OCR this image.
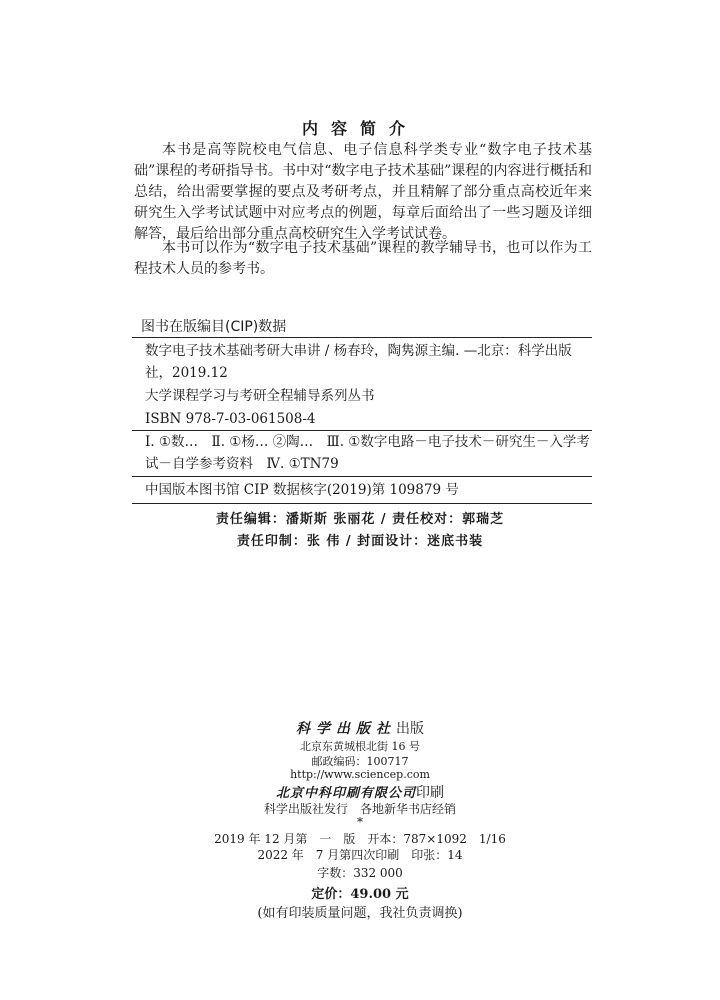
内容简介

本书是高等院校电气信息、电子信息科学类专业“数字电子技术基础”课程的考研指导书。书中对“数字电子技术基础”课程的内容进行概括和总结，给出需要掌握的要点及考研考点，并且精解了部分重点高校近年来研究生入学考试试题中对应考点的例题，每章后面给出了一些习题及详细解答，最后给出部分重点高校研究生入学考试试卷。

本书可以作为“数字电子技术基础”课程的教学辅导书，也可以作为工程技术人员的参考书。

图书在版编目(CIP)数据
数字电子技术基础考研大串讲 / 杨春玲，陶隽源主编. —北京：科学出版社，2019.12
大学课程学习与考研全程辅导系列丛书
ISBN 978-7-03-061508-4
Ⅰ. ①数…　Ⅱ. ①杨… ②陶…　Ⅲ. ①数字电路－电子技术－研究生－入学考试－自学参考资料　Ⅳ. ①TN79
中国版本图书馆 CIP 数据核字(2019)第 109879 号
责任编辑：潘斯斯 张丽花 / 责任校对：郭瑞芝
责任印制：张 伟 / 封面设计：迷底书装
科学出版社出版
北京东黄城根北街 16 号
邮政编码：100717
http://www.sciencep.com
北京中科印刷有限公司印刷
科学出版社发行　各地新华书店经销
*
2019 年 12 月第　一　版　开本：787×1092　1/16
2022 年　7 月第四次印刷　印张：14
字数：332 000
定价：49.00 元
(如有印装质量问题，我社负责调换)
